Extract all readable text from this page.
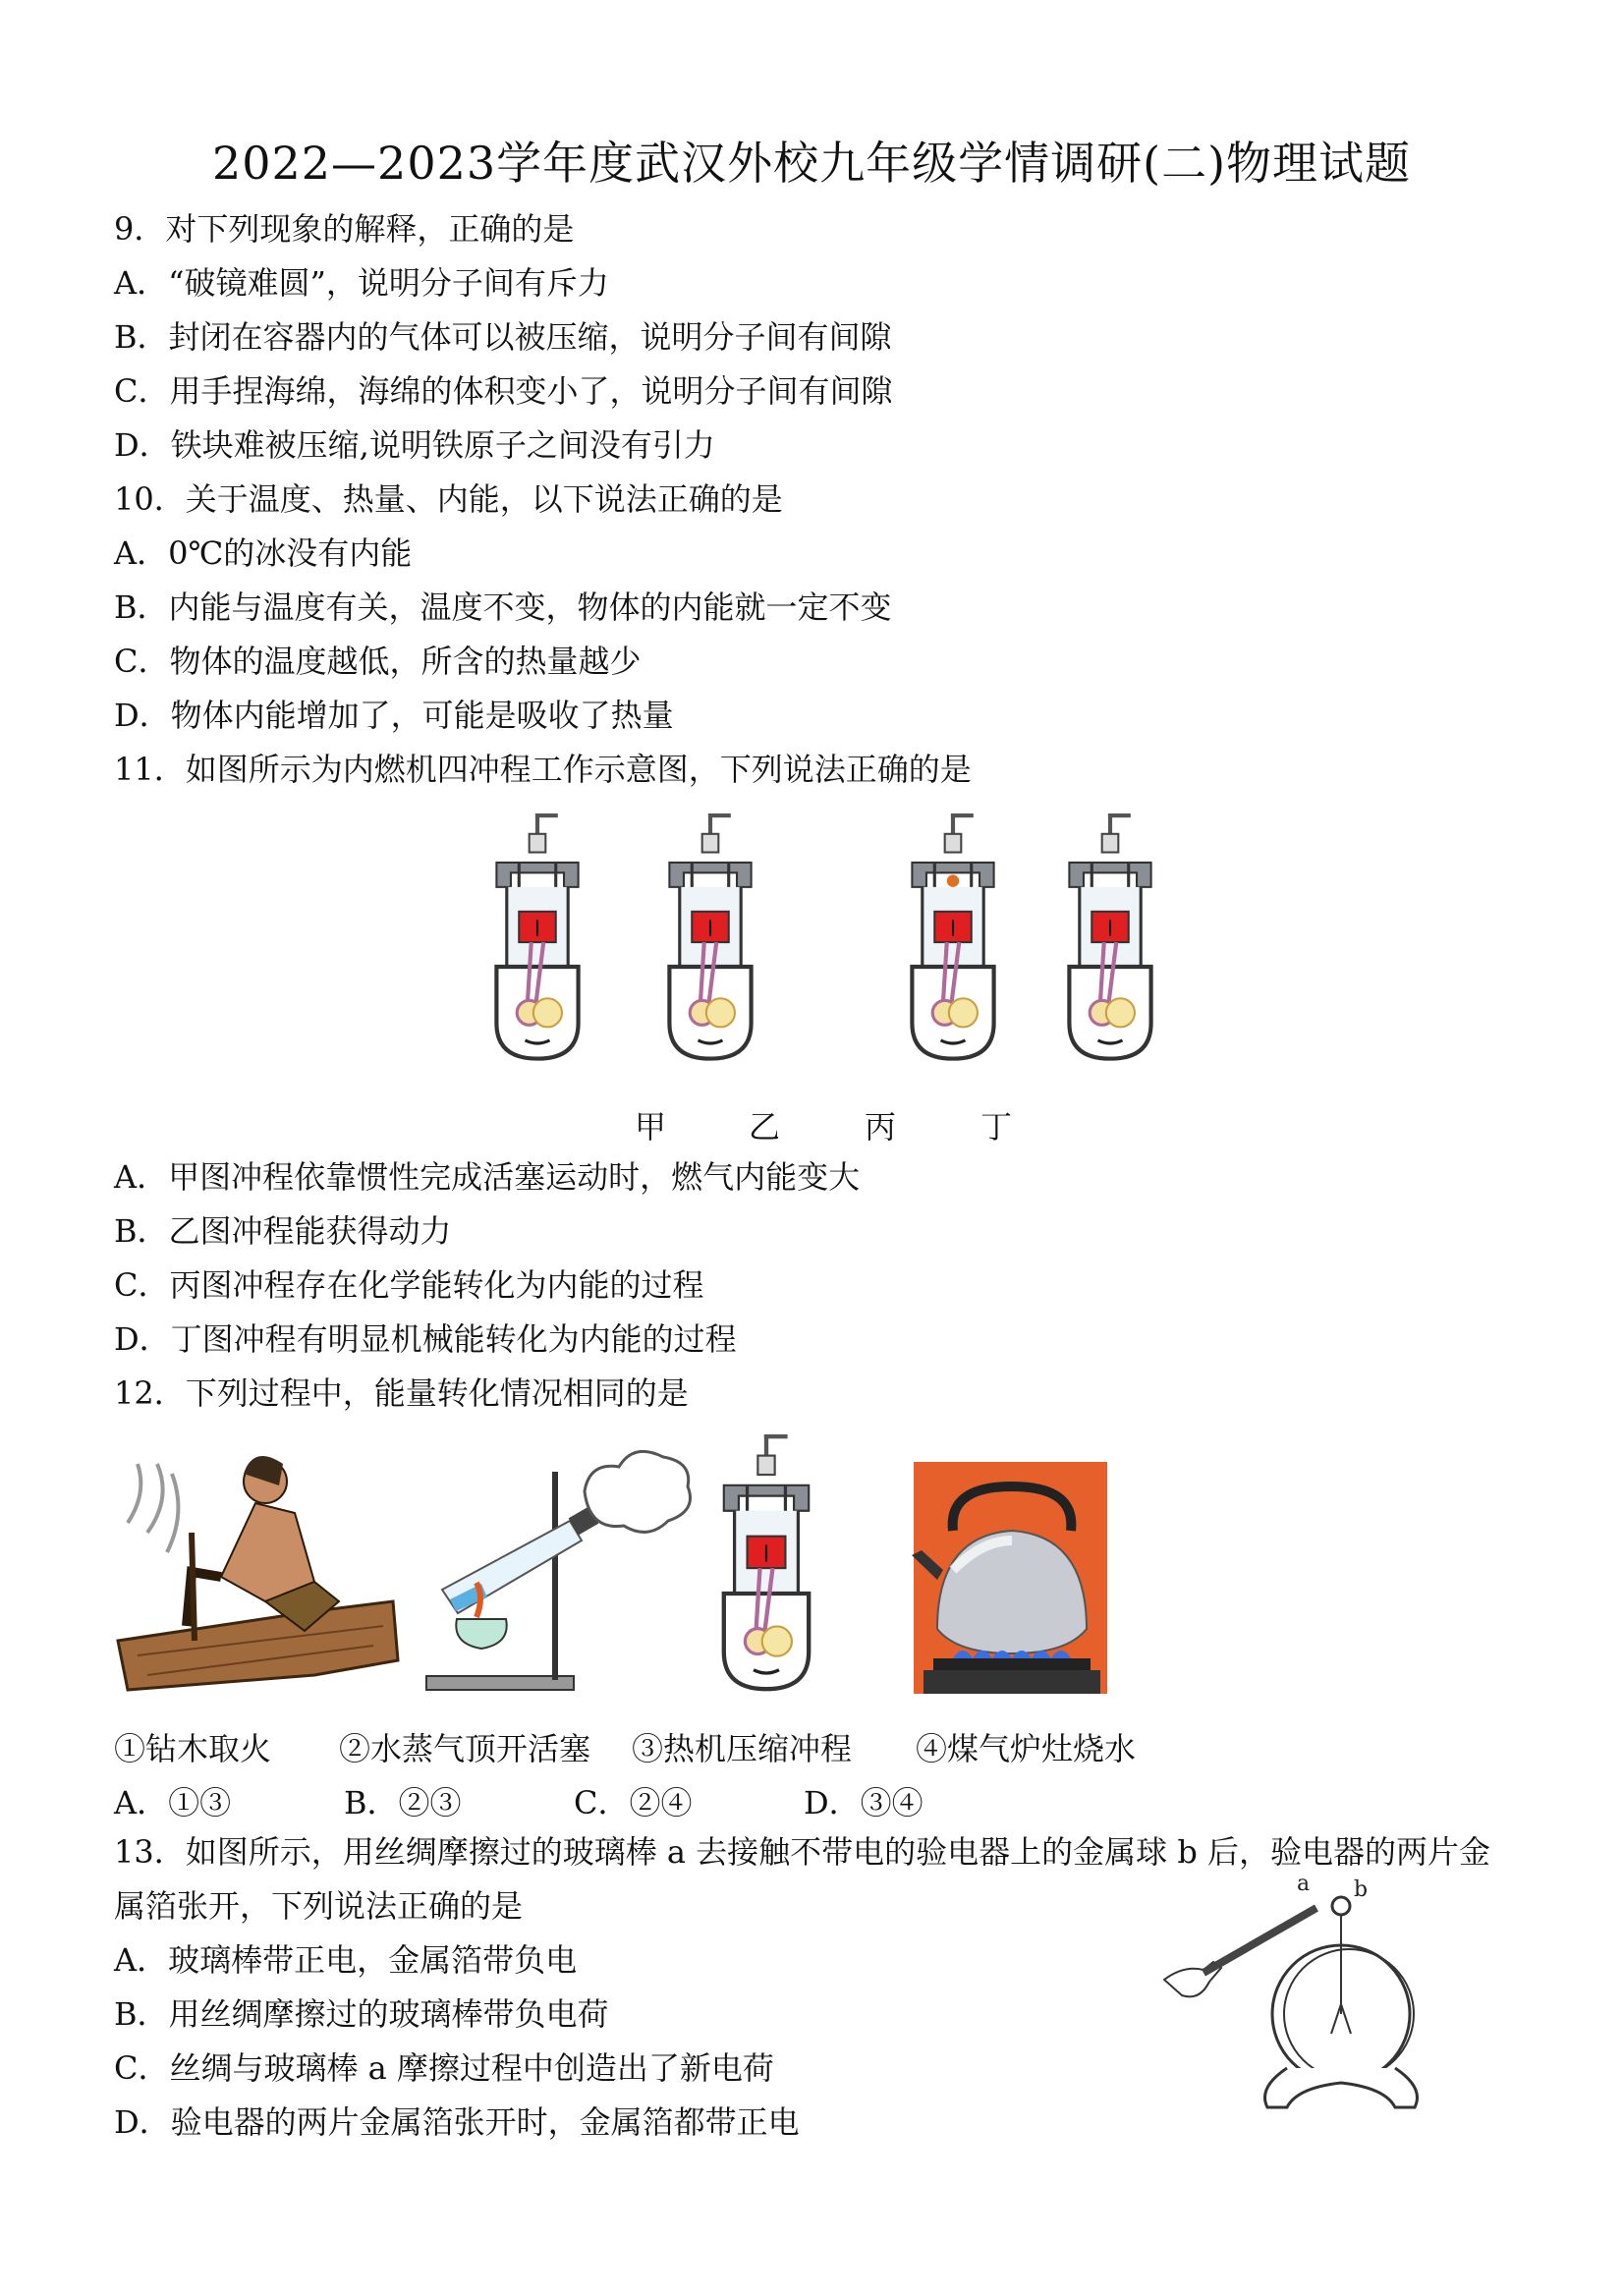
2022—2023学年度武汉外校九年级学情调研(二)物理试题
9．对下列现象的解释，正确的是
A．“破镜难圆”，说明分子间有斥力
B．封闭在容器内的气体可以被压缩，说明分子间有间隙
C．用手捏海绵，海绵的体积变小了，说明分子间有间隙
D．铁块难被压缩,说明铁原子之间没有引力
10．关于温度、热量、内能，以下说法正确的是
A．0℃的冰没有内能
B．内能与温度有关，温度不变，物体的内能就一定不变
C．物体的温度越低，所含的热量越少
D．物体内能增加了，可能是吸收了热量
11．如图所示为内燃机四冲程工作示意图，下列说法正确的是
甲	乙	丙	丁
A．甲图冲程依靠惯性完成活塞运动时，燃气内能变大
B．乙图冲程能获得动力
C．丙图冲程存在化学能转化为内能的过程
D．丁图冲程有明显机械能转化为内能的过程
12．下列过程中，能量转化情况相同的是
①钻木取火 ②水蒸气顶开活塞 ③热机压缩冲程 ④煤气炉灶烧水
A．①③	B．②③	C．②④	D．③④
13．如图所示，用丝绸摩擦过的玻璃棒 a 去接触不带电的验电器上的金属球 b 后，验电器的两片金
属箔张开，下列说法正确的是
A．玻璃棒带正电，金属箔带负电
B．用丝绸摩擦过的玻璃棒带负电荷
C．丝绸与玻璃棒 a 摩擦过程中创造出了新电荷
D．验电器的两片金属箔张开时，金属箔都带正电
a b
